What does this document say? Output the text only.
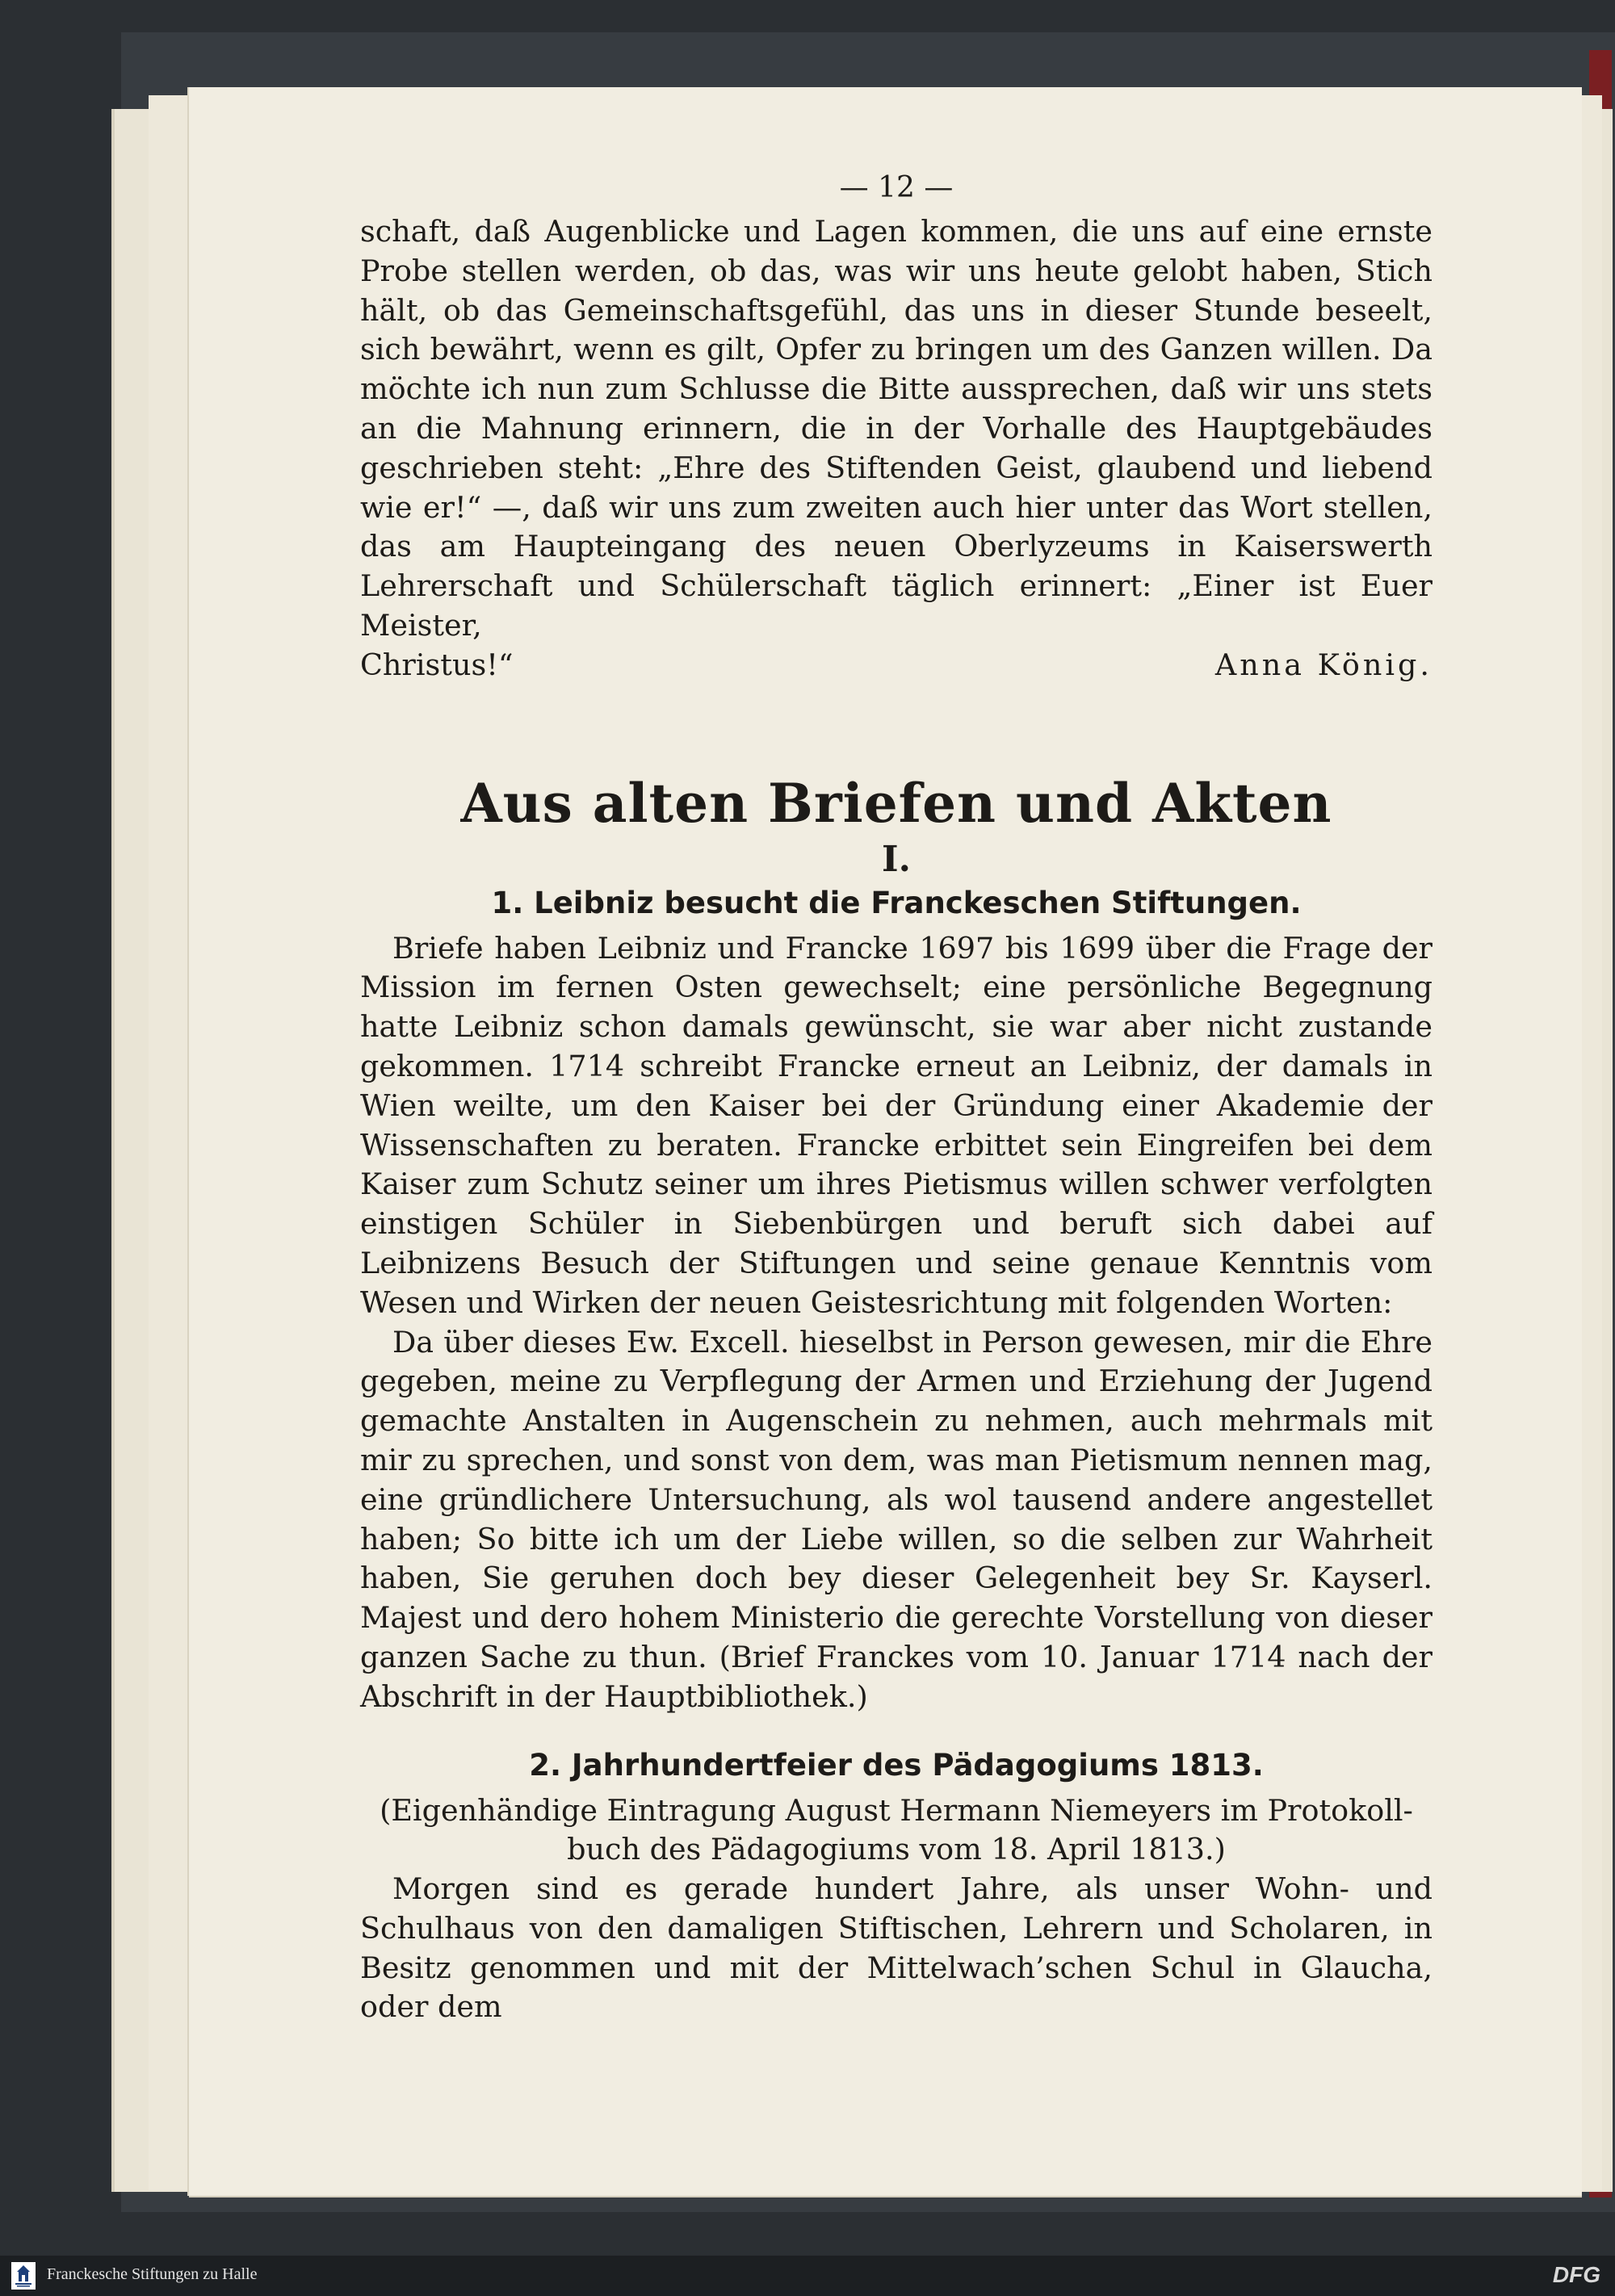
— 12 —

schaft, daß Augenblicke und Lagen kommen, die uns auf eine ernste Probe stellen werden, ob das, was wir uns heute gelobt haben, Stich hält, ob das Gemeinschaftsgefühl, das uns in dieser Stunde beseelt, sich bewährt, wenn es gilt, Opfer zu bringen um des Ganzen willen. Da möchte ich nun zum Schlusse die Bitte aussprechen, daß wir uns stets an die Mahnung erinnern, die in der Vorhalle des Hauptgebäudes geschrieben steht: „Ehre des Stiftenden Geist, glaubend und liebend wie er!“ —, daß wir uns zum zweiten auch hier unter das Wort stellen, das am Haupteingang des neuen Oberlyzeums in Kaiserswerth Lehrerschaft und Schülerschaft täglich erinnert: „Einer ist Euer Meister,

Christus!“	Anna König.
Aus alten Briefen und Akten
I.
1. Leibniz besucht die Franckeschen Stiftungen.

Briefe haben Leibniz und Francke 1697 bis 1699 über die Frage der Mission im fernen Osten gewechselt; eine persönliche Begegnung hatte Leibniz schon damals gewünscht, sie war aber nicht zustande gekommen. 1714 schreibt Francke erneut an Leibniz, der damals in Wien weilte, um den Kaiser bei der Gründung einer Akademie der Wissenschaften zu beraten. Francke erbittet sein Eingreifen bei dem Kaiser zum Schutz seiner um ihres Pietismus willen schwer verfolgten einstigen Schüler in Siebenbürgen und beruft sich dabei auf Leibnizens Besuch der Stiftungen und seine genaue Kenntnis vom Wesen und Wirken der neuen Geistesrichtung mit folgenden Worten:

Da über dieses Ew. Excell. hieselbst in Person gewesen, mir die Ehre gegeben, meine zu Verpflegung der Armen und Erziehung der Jugend gemachte Anstalten in Augenschein zu nehmen, auch mehrmals mit mir zu sprechen, und sonst von dem, was man Pietismum nennen mag, eine gründlichere Untersuchung, als wol tausend andere angestellet haben; So bitte ich um der Liebe willen, so die selben zur Wahrheit haben, Sie geruhen doch bey dieser Gelegenheit bey Sr. Kayserl. Majest und dero hohem Ministerio die gerechte Vorstellung von dieser ganzen Sache zu thun. (Brief Franckes vom 10. Januar 1714 nach der Abschrift in der Hauptbibliothek.)

2. Jahrhundertfeier des Pädagogiums 1813.

(Eigenhändige Eintragung August Hermann Niemeyers im Protokoll-

buch des Pädagogiums vom 18. April 1813.)

Morgen sind es gerade hundert Jahre, als unser Wohn- und Schulhaus von den damaligen Stiftischen, Lehrern und Scholaren, in Besitz genommen und mit der Mittelwach’schen Schul in Glaucha, oder dem

Franckesche Stiftungen zu Halle	DFG
